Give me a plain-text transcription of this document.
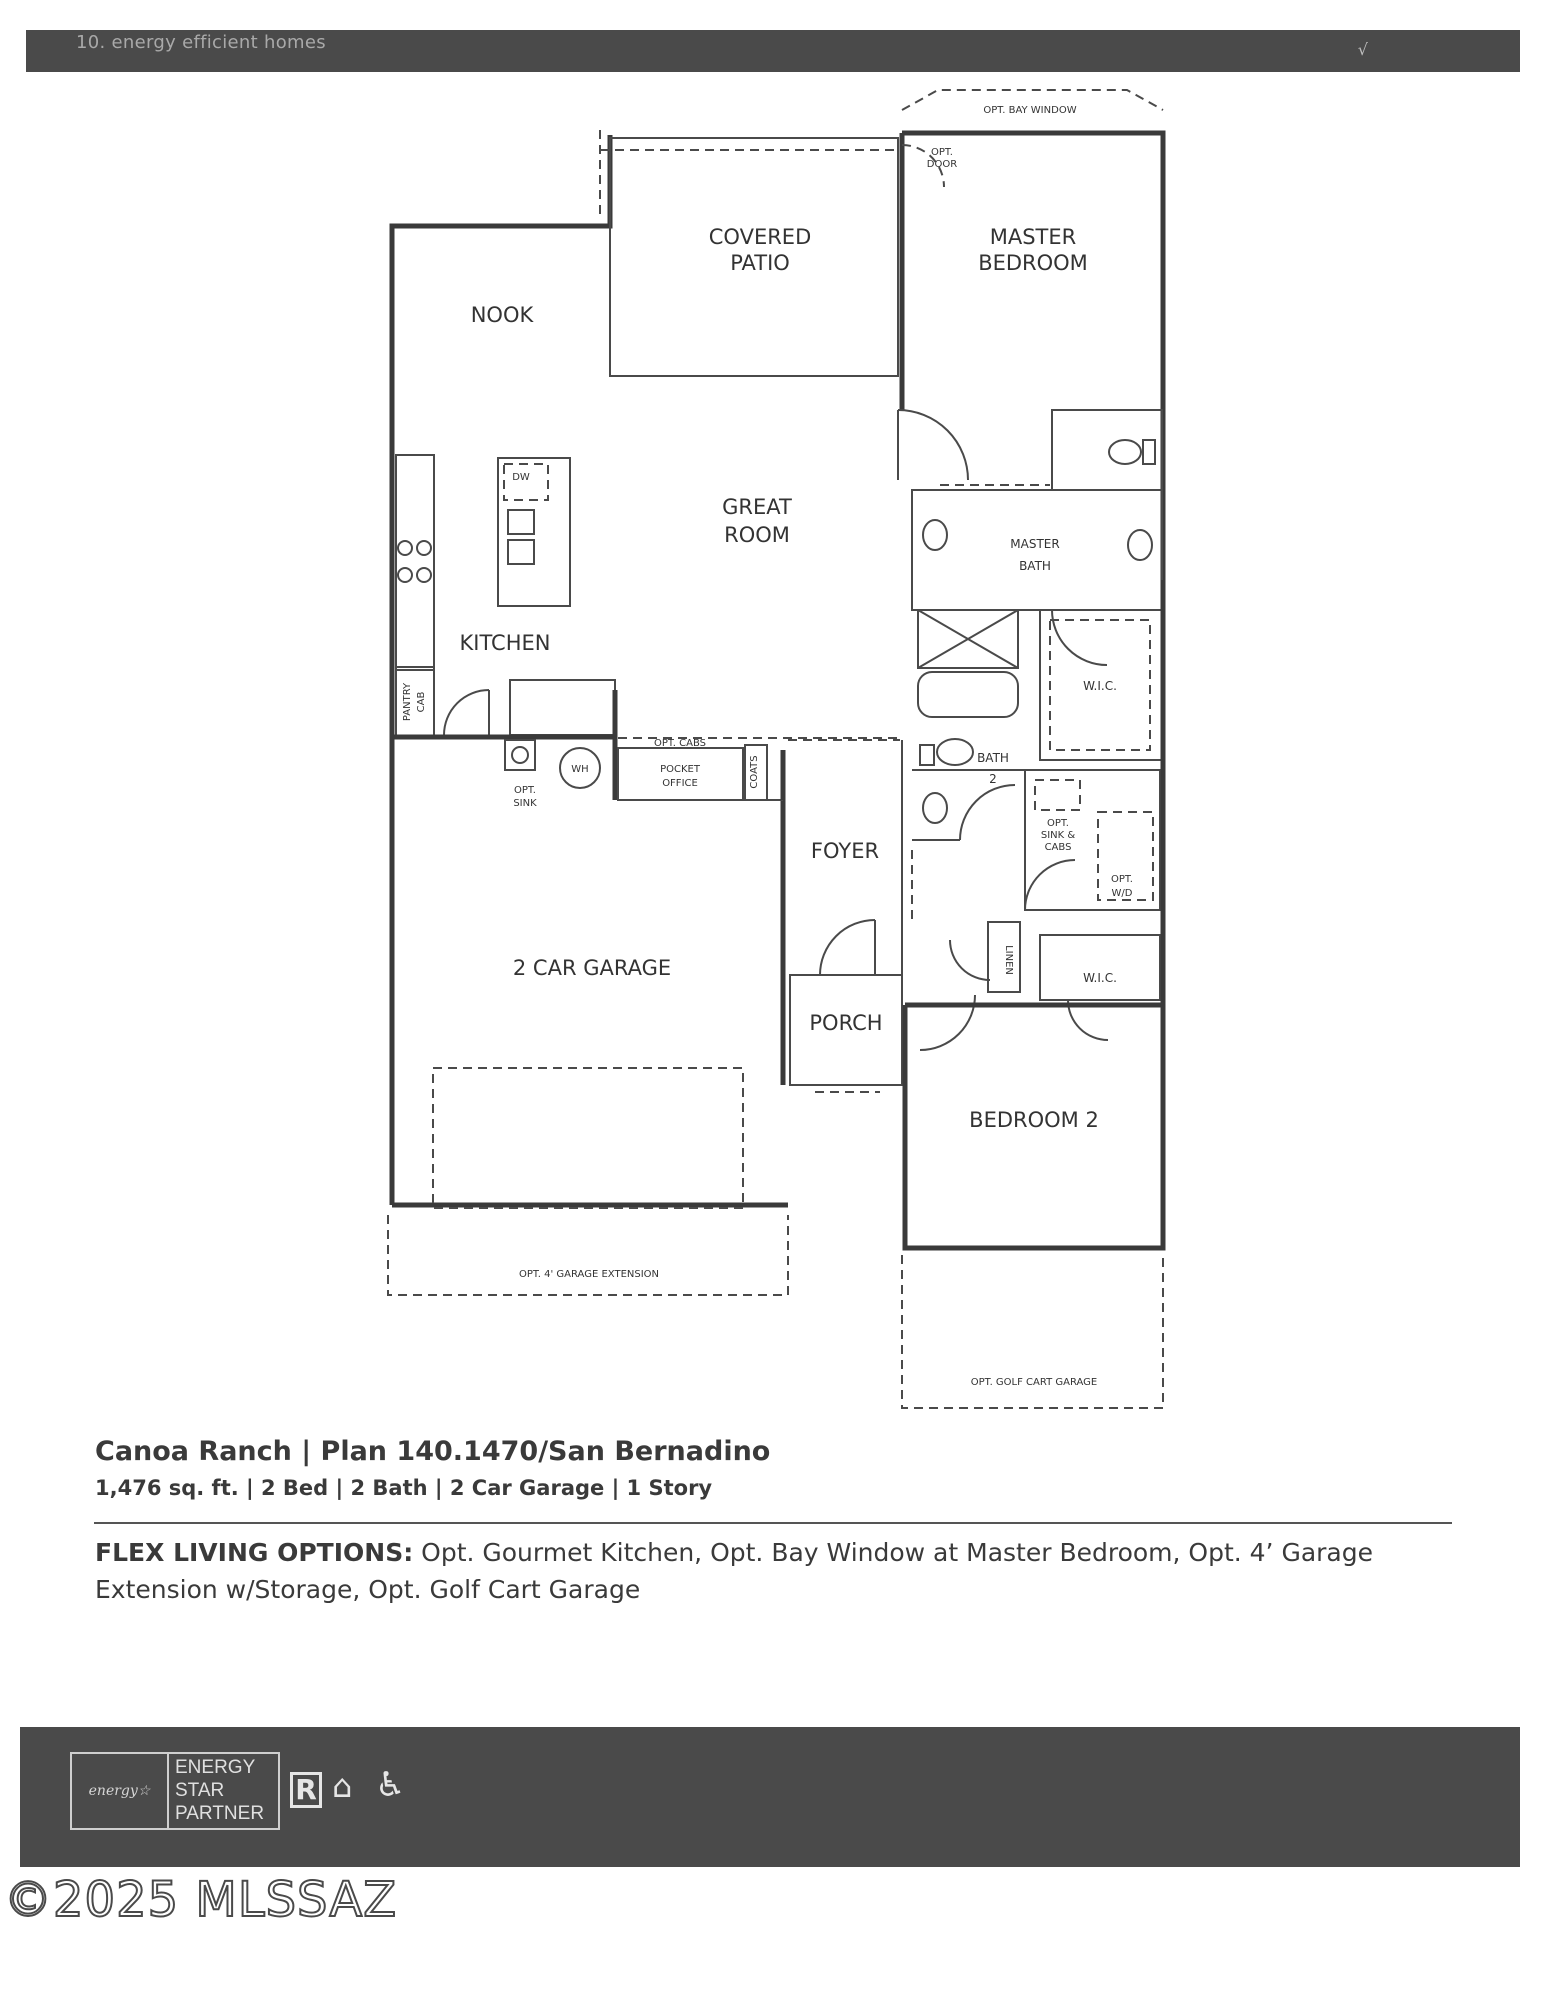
10. energy efficient homes	√
OPT. BAY WINDOW
OPT.
DOOR
COVERED
PATIO
MASTER
BEDROOM
NOOK
GREAT
ROOM	MASTER
BATH
DW
KITCHEN
PANTRY CAB
W.I.C.
OPT. CABS
WH	POCKET
OFFICE	COATS
OPT.
SINK
BATH
2
OPT.
SINK &
CABS
OPT.
W/D
FOYER
2 CAR GARAGE	LINEN
W.I.C.
PORCH
BEDROOM 2
OPT. 4' GARAGE EXTENSION
OPT. GOLF CART GARAGE
Canoa Ranch | Plan 140.1470/San Bernadino
1,476 sq. ft. | 2 Bed | 2 Bath | 2 Car Garage | 1 Story
FLEX LIVING OPTIONS: Opt. Gourmet Kitchen, Opt. Bay Window at Master Bedroom, Opt. 4’ Garage Extension w/Storage, Opt. Golf Cart Garage
energy ☆
ENERGY
STAR
PARTNER
R ⌂ ♿
©2025 MLSSAZ
